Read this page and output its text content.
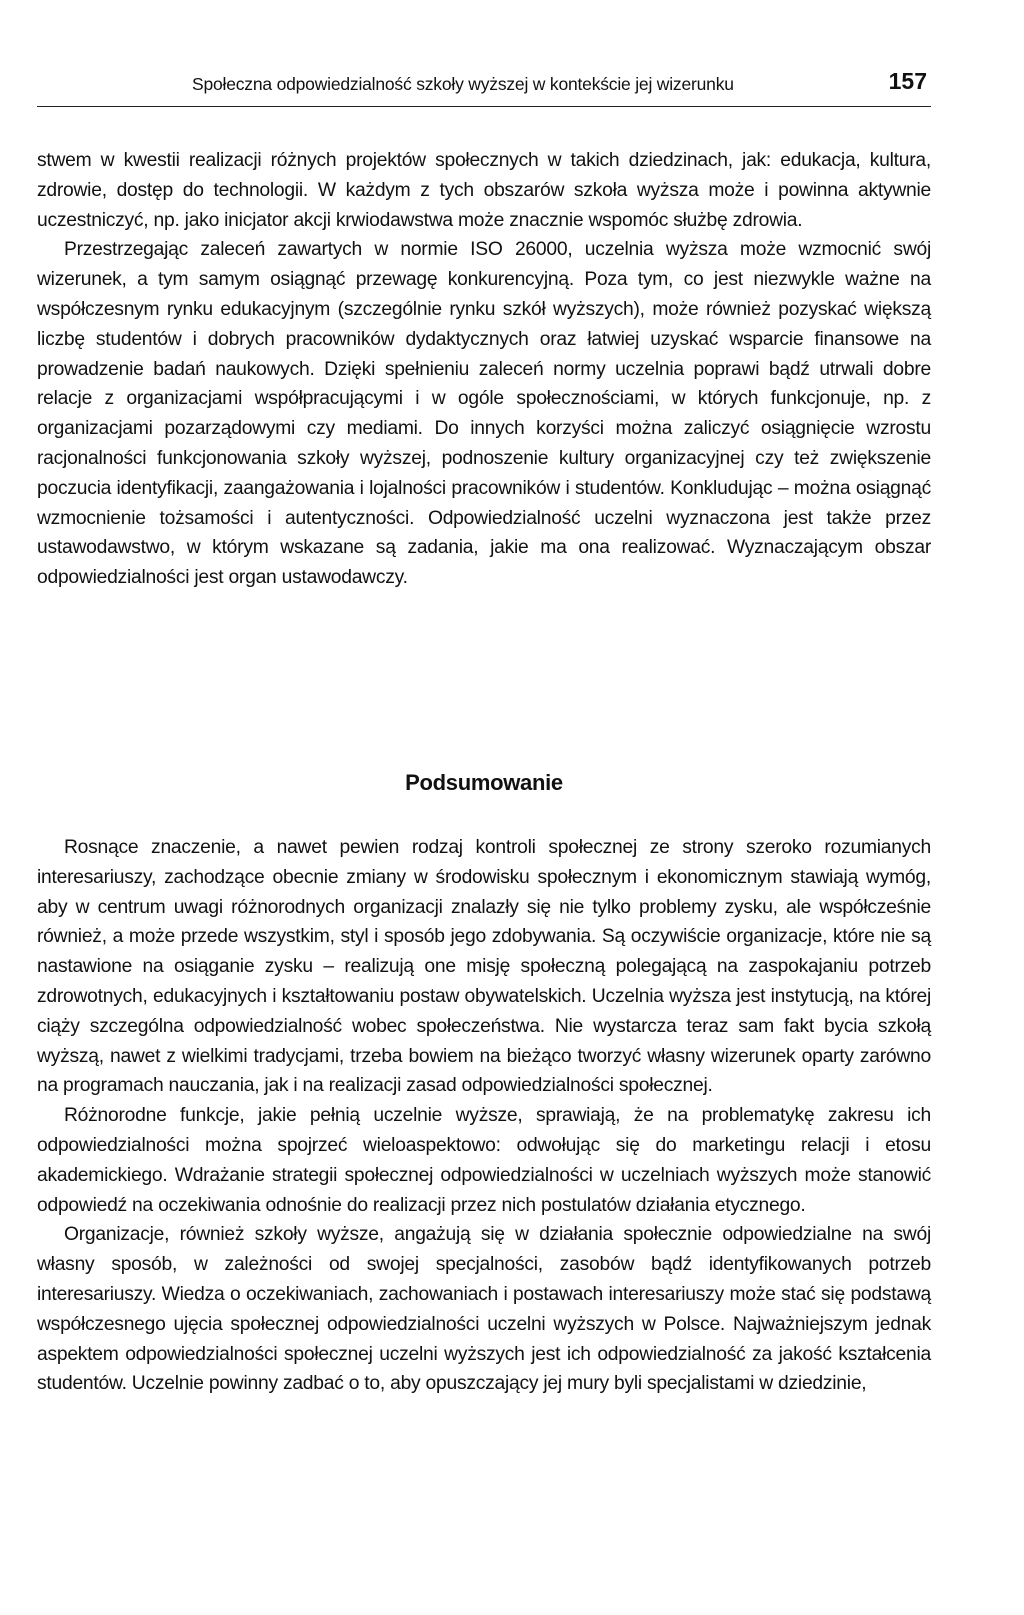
Społeczna odpowiedzialność szkoły wyższej w kontekście jej wizerunku	157

stwem w kwestii realizacji różnych projektów społecznych w takich dziedzinach, jak: edukacja, kultura, zdrowie, dostęp do technologii. W każdym z tych obszarów szkoła wyższa może i powinna aktywnie uczestniczyć, np. jako inicjator akcji krwiodawstwa może znacznie wspomóc służbę zdrowia.

Przestrzegając zaleceń zawartych w normie ISO 26000, uczelnia wyższa może wzmocnić swój wizerunek, a tym samym osiągnąć przewagę konkurencyjną. Poza tym, co jest niezwykle ważne na współczesnym rynku edukacyjnym (szczególnie rynku szkół wyższych), może również pozyskać większą liczbę studentów i dobrych pracowników dydaktycznych oraz łatwiej uzyskać wsparcie finansowe na prowadzenie badań naukowych. Dzięki spełnieniu zaleceń normy uczelnia poprawi bądź utrwali dobre relacje z organizacjami współpracującymi i w ogóle społecznościami, w których funkcjonuje, np. z organizacjami pozarządowymi czy mediami. Do innych korzyści można zaliczyć osiągnięcie wzrostu racjonalności funkcjonowania szkoły wyższej, podnoszenie kultury organizacyjnej czy też zwiększenie poczucia identyfikacji, zaangażowania i lojalności pracowników i studentów. Konkludując – można osiągnąć wzmocnienie tożsamości i autentyczności. Odpowiedzialność uczelni wyznaczona jest także przez ustawodawstwo, w którym wskazane są zadania, jakie ma ona realizować. Wyznaczającym obszar odpowiedzialności jest organ ustawodawczy.

Podsumowanie

Rosnące znaczenie, a nawet pewien rodzaj kontroli społecznej ze strony szeroko rozumianych interesariuszy, zachodzące obecnie zmiany w środowisku społecznym i ekonomicznym stawiają wymóg, aby w centrum uwagi różnorodnych organizacji znalazły się nie tylko problemy zysku, ale współcześnie również, a może przede wszystkim, styl i sposób jego zdobywania. Są oczywiście organizacje, które nie są nastawione na osiąganie zysku – realizują one misję społeczną polegającą na zaspokajaniu potrzeb zdrowotnych, edukacyjnych i kształtowaniu postaw obywatelskich. Uczelnia wyższa jest instytucją, na której ciąży szczególna odpowiedzialność wobec społeczeństwa. Nie wystarcza teraz sam fakt bycia szkołą wyższą, nawet z wielkimi tradycjami, trzeba bowiem na bieżąco tworzyć własny wizerunek oparty zarówno na programach nauczania, jak i na realizacji zasad odpowiedzialności społecznej.

Różnorodne funkcje, jakie pełnią uczelnie wyższe, sprawiają, że na problematykę zakresu ich odpowiedzialności można spojrzeć wieloaspektowo: odwołując się do marketingu relacji i etosu akademickiego. Wdrażanie strategii społecznej odpowiedzialności w uczelniach wyższych może stanowić odpowiedź na oczekiwania odnośnie do realizacji przez nich postulatów działania etycznego.

Organizacje, również szkoły wyższe, angażują się w działania społecznie odpowiedzialne na swój własny sposób, w zależności od swojej specjalności, zasobów bądź identyfikowanych potrzeb interesariuszy. Wiedza o oczekiwaniach, zachowaniach i postawach interesariuszy może stać się podstawą współczesnego ujęcia społecznej odpowiedzialności uczelni wyższych w Polsce. Najważniejszym jednak aspektem odpowiedzialności społecznej uczelni wyższych jest ich odpowiedzialność za jakość kształcenia studentów. Uczelnie powinny zadbać o to, aby opuszczający jej mury byli specjalistami w dziedzinie,
